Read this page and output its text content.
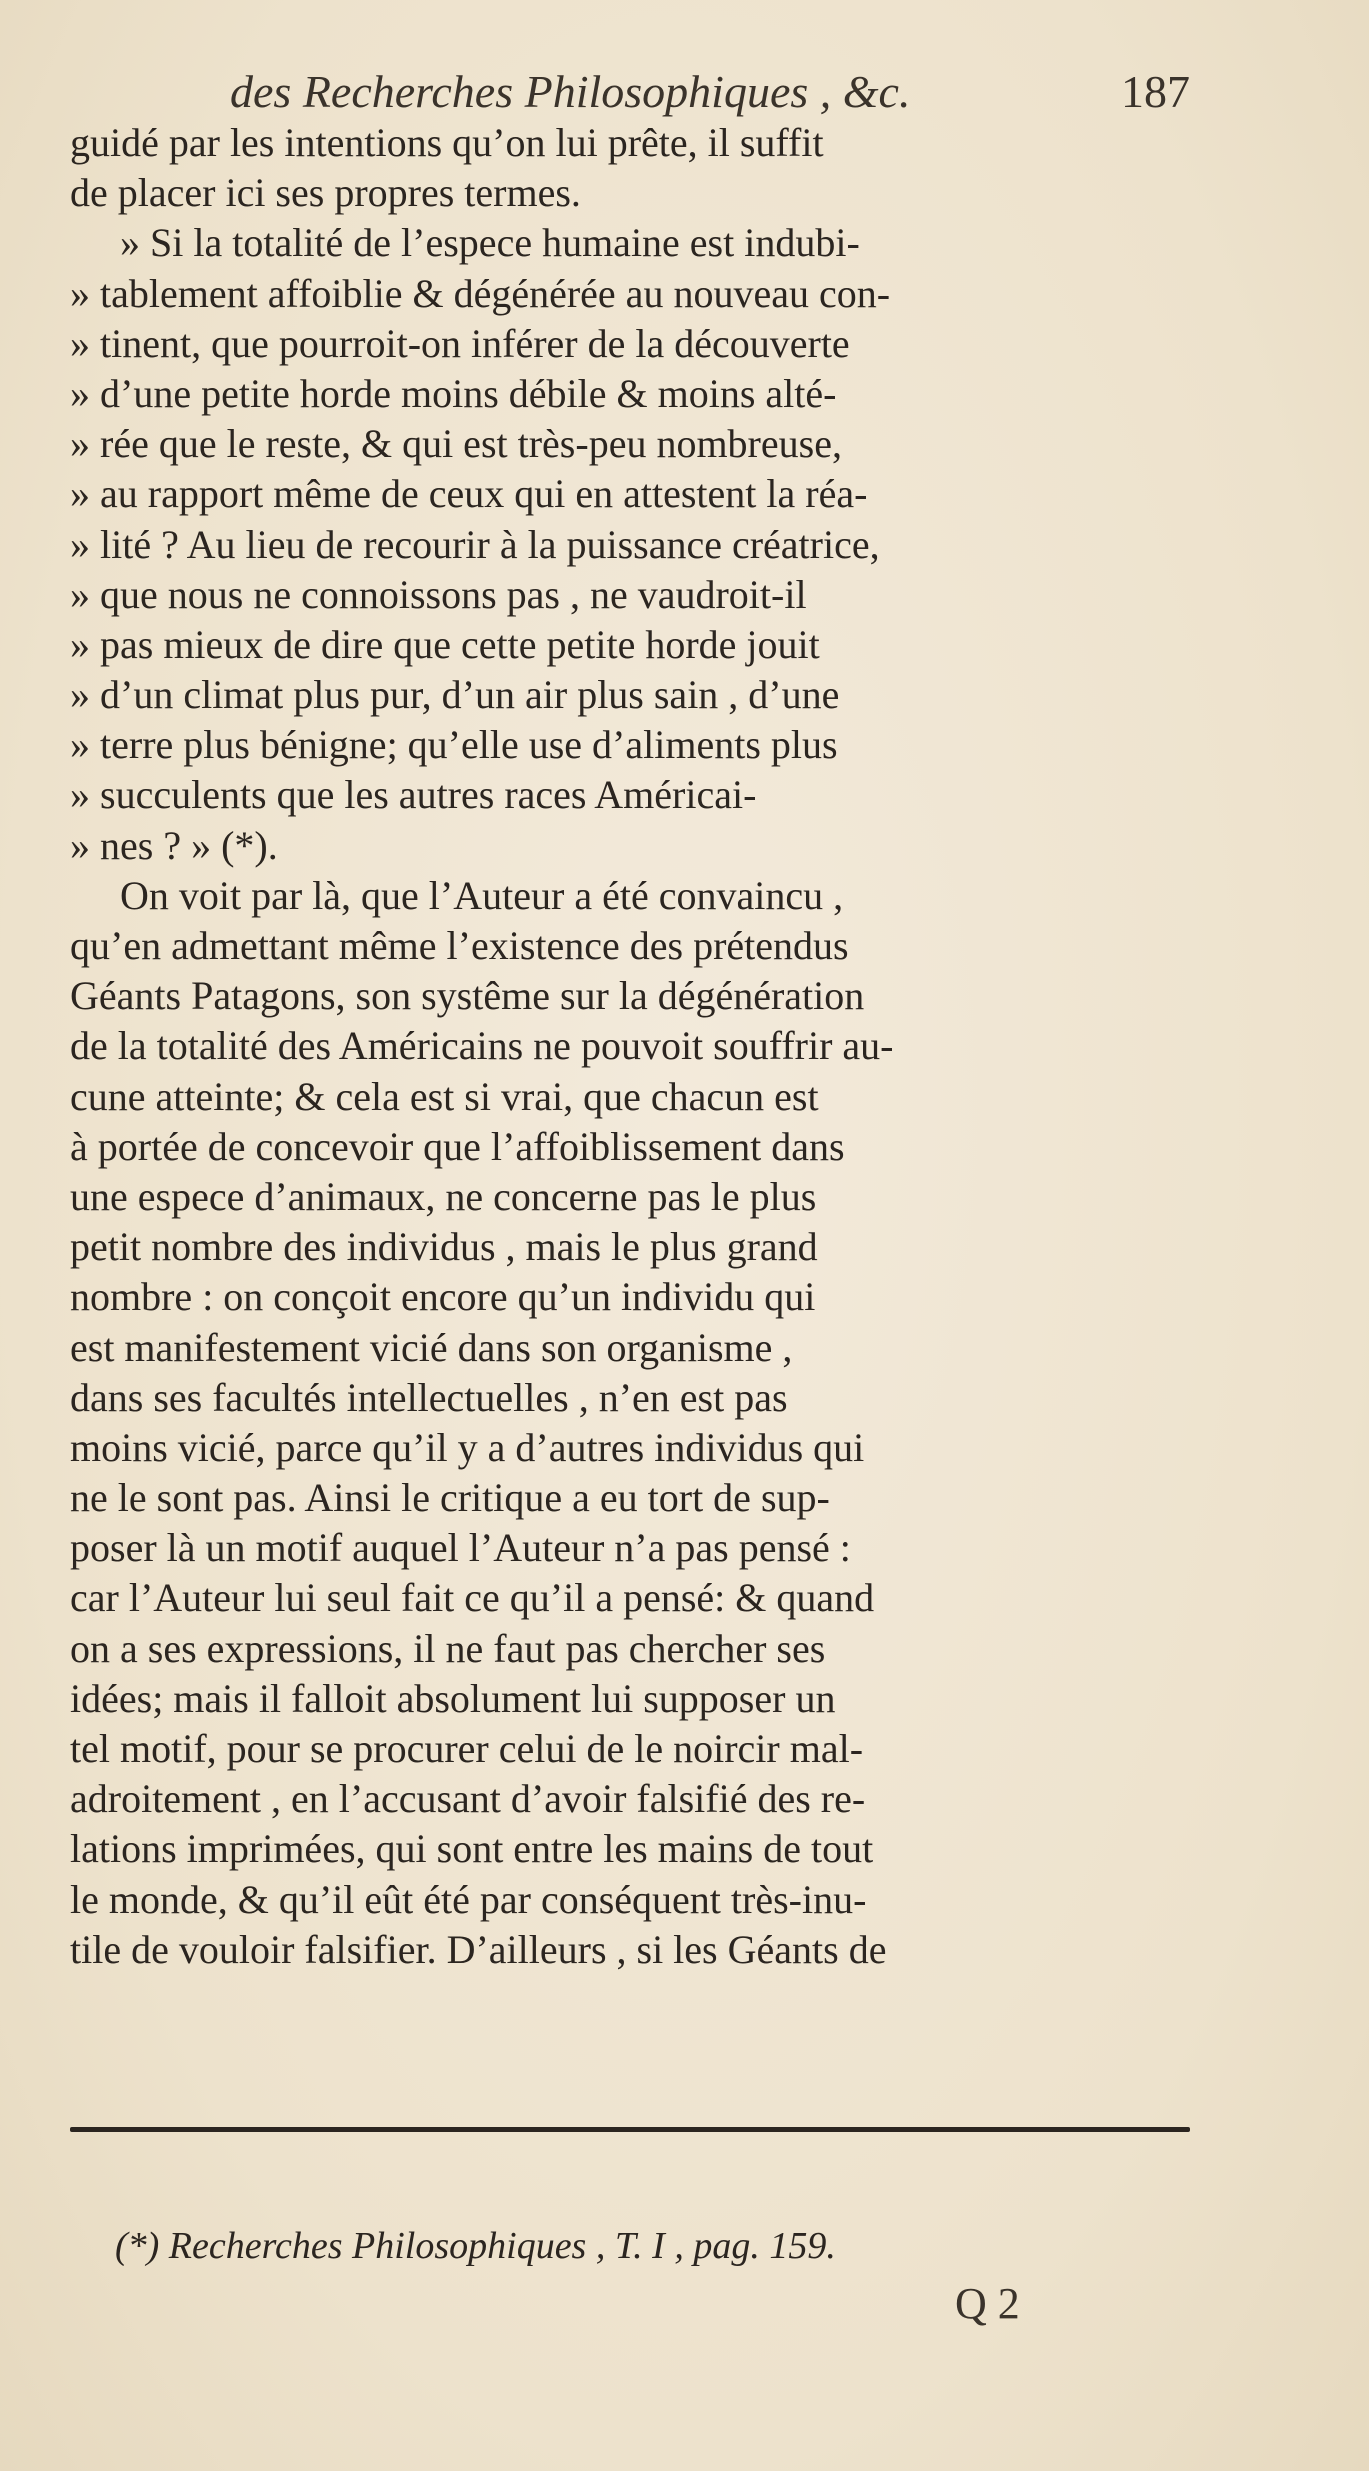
des Recherches Philosophiques , &c.	187
guidé par les intentions qu’on lui prête, il suffit
de placer ici ses propres termes.
» Si la totalité de l’espece humaine est indubi-
» tablement affoiblie & dégénérée au nouveau con-
» tinent, que pourroit-on inférer de la découverte
» d’une petite horde moins débile & moins alté-
» rée que le reste, & qui est très-peu nombreuse,
» au rapport même de ceux qui en attestent la réa-
» lité ? Au lieu de recourir à la puissance créatrice,
» que nous ne connoissons pas , ne vaudroit-il
» pas mieux de dire que cette petite horde jouit
» d’un climat plus pur, d’un air plus sain , d’une
» terre plus bénigne; qu’elle use d’aliments plus
» succulents que les autres races Américai-
» nes ? » (*).
On voit par là, que l’Auteur a été convaincu ,
qu’en admettant même l’existence des prétendus
Géants Patagons, son systême sur la dégénération
de la totalité des Américains ne pouvoit souffrir au-
cune atteinte; & cela est si vrai, que chacun est
à portée de concevoir que l’affoiblissement dans
une espece d’animaux, ne concerne pas le plus
petit nombre des individus , mais le plus grand
nombre : on conçoit encore qu’un individu qui
est manifestement vicié dans son organisme ,
dans ses facultés intellectuelles , n’en est pas
moins vicié, parce qu’il y a d’autres individus qui
ne le sont pas. Ainsi le critique a eu tort de sup-
poser là un motif auquel l’Auteur n’a pas pensé :
car l’Auteur lui seul fait ce qu’il a pensé: & quand
on a ses expressions, il ne faut pas chercher ses
idées; mais il falloit absolument lui supposer un
tel motif, pour se procurer celui de le noircir mal-
adroitement , en l’accusant d’avoir falsifié des re-
lations imprimées, qui sont entre les mains de tout
le monde, & qu’il eût été par conséquent très-inu-
tile de vouloir falsifier. D’ailleurs , si les Géants de
(*) Recherches Philosophiques , T. I , pag. 159.
Q 2
